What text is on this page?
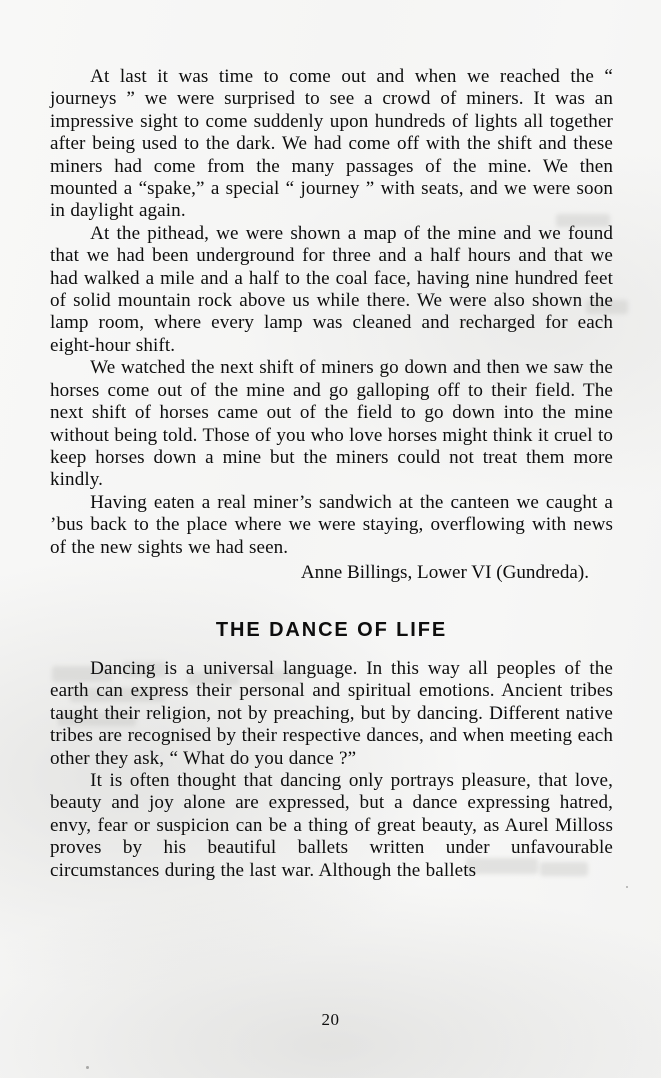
At last it was time to come out and when we reached the “ journeys ” we were surprised to see a crowd of miners. It was an impressive sight to come suddenly upon hundreds of lights all together after being used to the dark. We had come off with the shift and these miners had come from the many passages of the mine. We then mounted a “spake,” a special “ journey ” with seats, and we were soon in daylight again.

At the pithead, we were shown a map of the mine and we found that we had been underground for three and a half hours and that we had walked a mile and a half to the coal face, having nine hundred feet of solid mountain rock above us while there. We were also shown the lamp room, where every lamp was cleaned and recharged for each eight-hour shift.

We watched the next shift of miners go down and then we saw the horses come out of the mine and go galloping off to their field. The next shift of horses came out of the field to go down into the mine without being told. Those of you who love horses might think it cruel to keep horses down a mine but the miners could not treat them more kindly.

Having eaten a real miner’s sandwich at the canteen we caught a ’bus back to the place where we were staying, overflowing with news of the new sights we had seen.

Anne Billings, Lower VI (Gundreda).

THE DANCE OF LIFE

Dancing is a universal language. In this way all peoples of the earth can express their personal and spiritual emotions. Ancient tribes taught their religion, not by preaching, but by dancing. Different native tribes are recognised by their respective dances, and when meeting each other they ask, “ What do you dance ?”

It is often thought that dancing only portrays pleasure, that love, beauty and joy alone are expressed, but a dance expressing hatred, envy, fear or suspicion can be a thing of great beauty, as Aurel Milloss proves by his beautiful ballets written under unfavourable circumstances during the last war. Although the ballets

20
